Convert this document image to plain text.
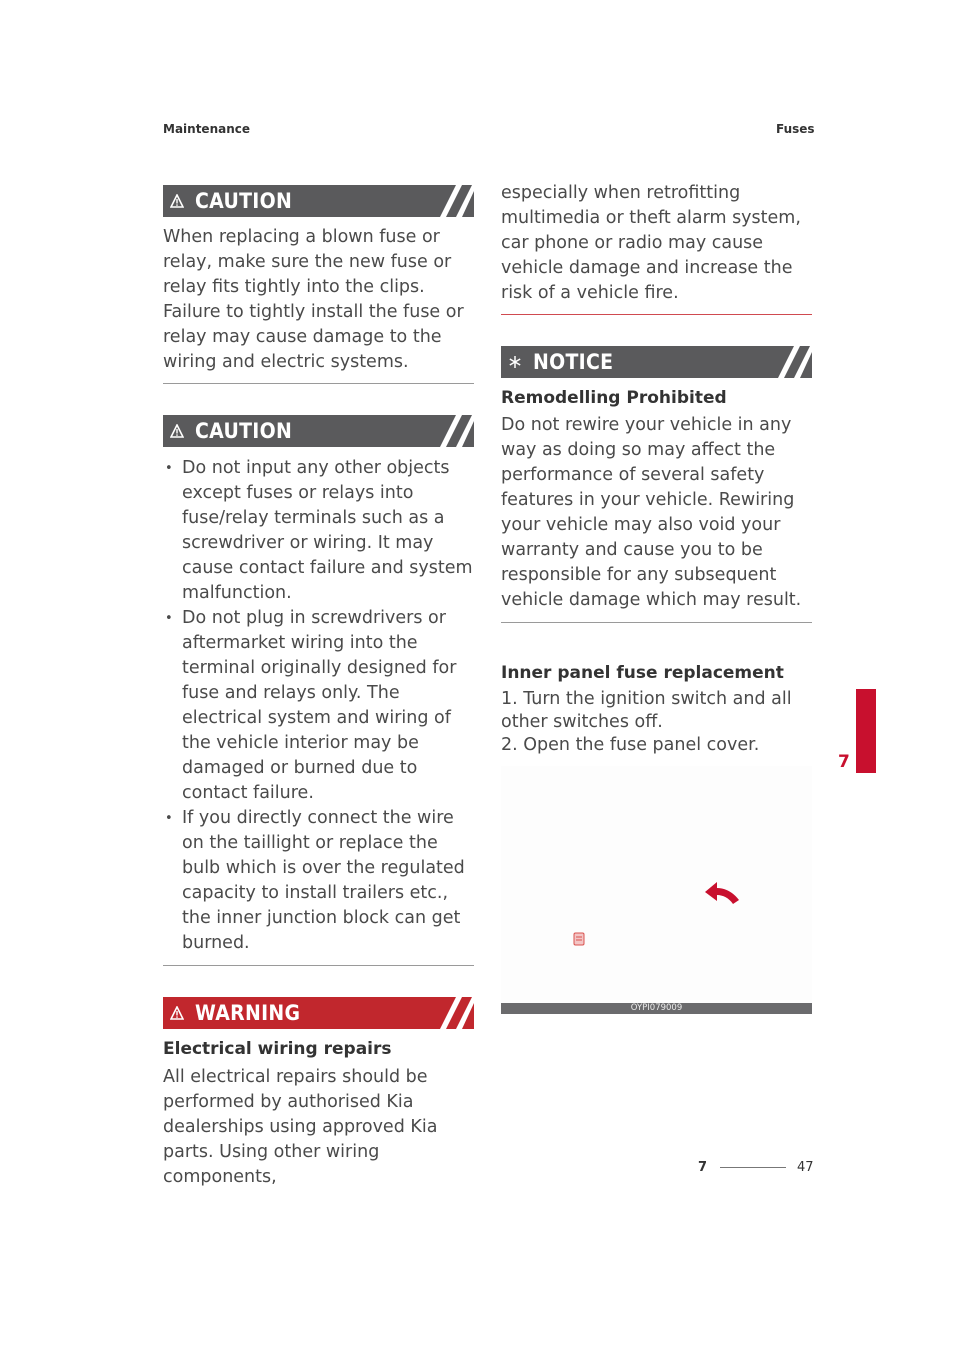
Maintenance	Fuses
CAUTION

When replacing a blown fuse or relay, make sure the new fuse or relay fits tightly into the clips. Failure to tightly install the fuse or relay may cause damage to the wiring and electric systems.

CAUTION
• Do not input any other objects except fuses or relays into fuse/relay terminals such as a screwdriver or wiring. It may cause contact failure and system malfunction.
• Do not plug in screwdrivers or aftermarket wiring into the terminal originally designed for fuse and relays only. The electrical system and wiring of the vehicle interior may be damaged or burned due to contact failure.
• If you directly connect the wire on the taillight or replace the bulb which is over the regulated capacity to install trailers etc., the inner junction block can get burned.
WARNING

Electrical wiring repairs

All electrical repairs should be performed by authorised Kia dealerships using approved Kia parts. Using other wiring components,

especially when retrofitting multimedia or theft alarm system, car phone or radio may cause vehicle damage and increase the risk of a vehicle fire.

NOTICE

Remodelling Prohibited

Do not rewire your vehicle in any way as doing so may affect the performance of several safety features in your vehicle. Rewiring your vehicle may also void your warranty and cause you to be responsible for any subsequent vehicle damage which may result.

Inner panel fuse replacement

1. Turn the ignition switch and all other switches off.

2. Open the fuse panel cover.

OYPI079009
7
7	47
